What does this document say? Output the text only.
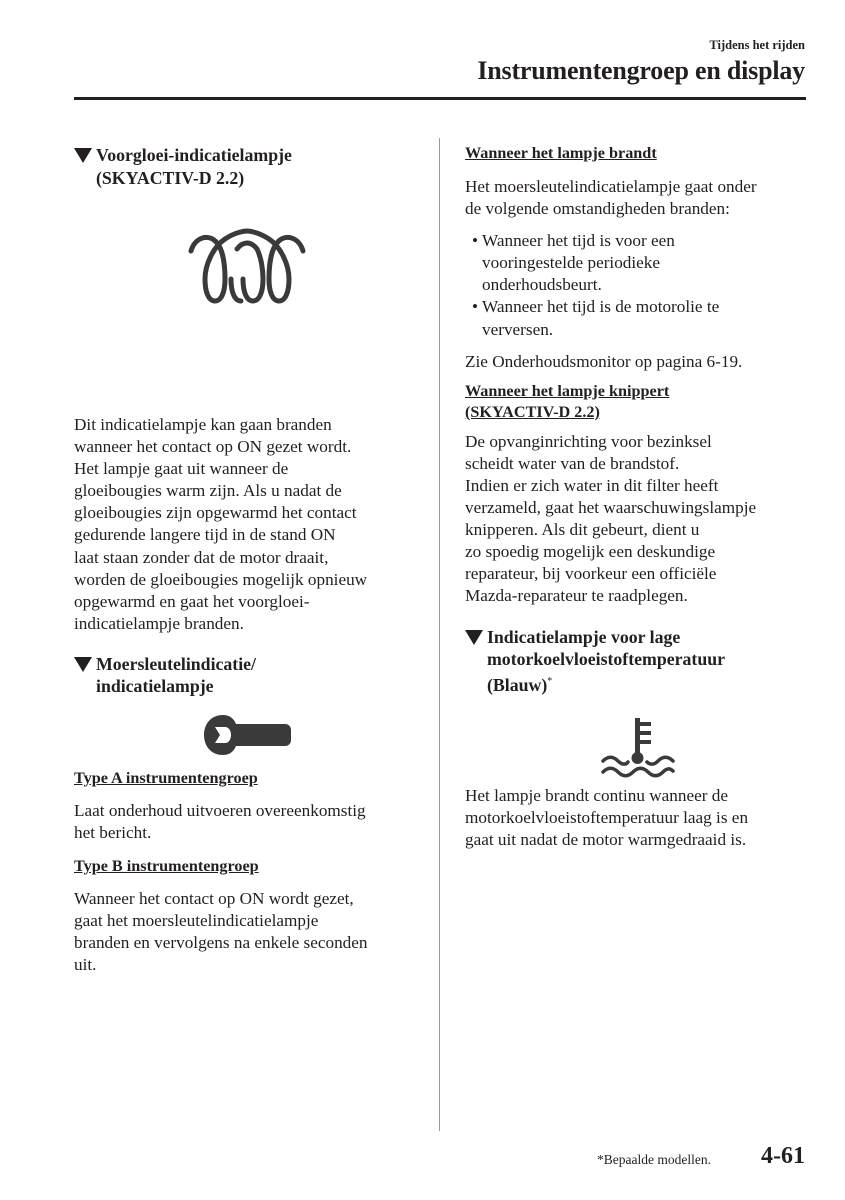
Tijdens het rijden
Instrumentengroep en display
Voorgloei-indicatielampje
(SKYACTIV-D 2.2)

Dit indicatielampje kan gaan branden

wanneer het contact op ON gezet wordt.

Het lampje gaat uit wanneer de

gloeibougies warm zijn. Als u nadat de

gloeibougies zijn opgewarmd het contact

gedurende langere tijd in de stand ON

laat staan zonder dat de motor draait,

worden de gloeibougies mogelijk opnieuw

opgewarmd en gaat het voorgloei-

indicatielampje branden.

Moersleutelindicatie/
indicatielampje

Type A instrumentengroep

Laat onderhoud uitvoeren overeenkomstig

het bericht.

Type B instrumentengroep

Wanneer het contact op ON wordt gezet,

gaat het moersleutelindicatielampje

branden en vervolgens na enkele seconden

uit.

Wanneer het lampje brandt

Het moersleutelindicatielampje gaat onder

de volgende omstandigheden branden:

• Wanneer het tijd is voor een
vooringestelde periodieke
onderhoudsbeurt.
• Wanneer het tijd is de motorolie te
verversen.

Zie Onderhoudsmonitor op pagina 6-19.

Wanneer het lampje knippert

(SKYACTIV-D 2.2)

De opvanginrichting voor bezinksel

scheidt water van de brandstof.

Indien er zich water in dit filter heeft

verzameld, gaat het waarschuwingslampje

knipperen. Als dit gebeurt, dient u

zo spoedig mogelijk een deskundige

reparateur, bij voorkeur een officiële

Mazda-reparateur te raadplegen.

Indicatielampje voor lage
motorkoelvloeistoftemperatuur
(Blauw)*

Het lampje brandt continu wanneer de

motorkoelvloeistoftemperatuur laag is en

gaat uit nadat de motor warmgedraaid is.

*Bepaalde modellen. 4-61
